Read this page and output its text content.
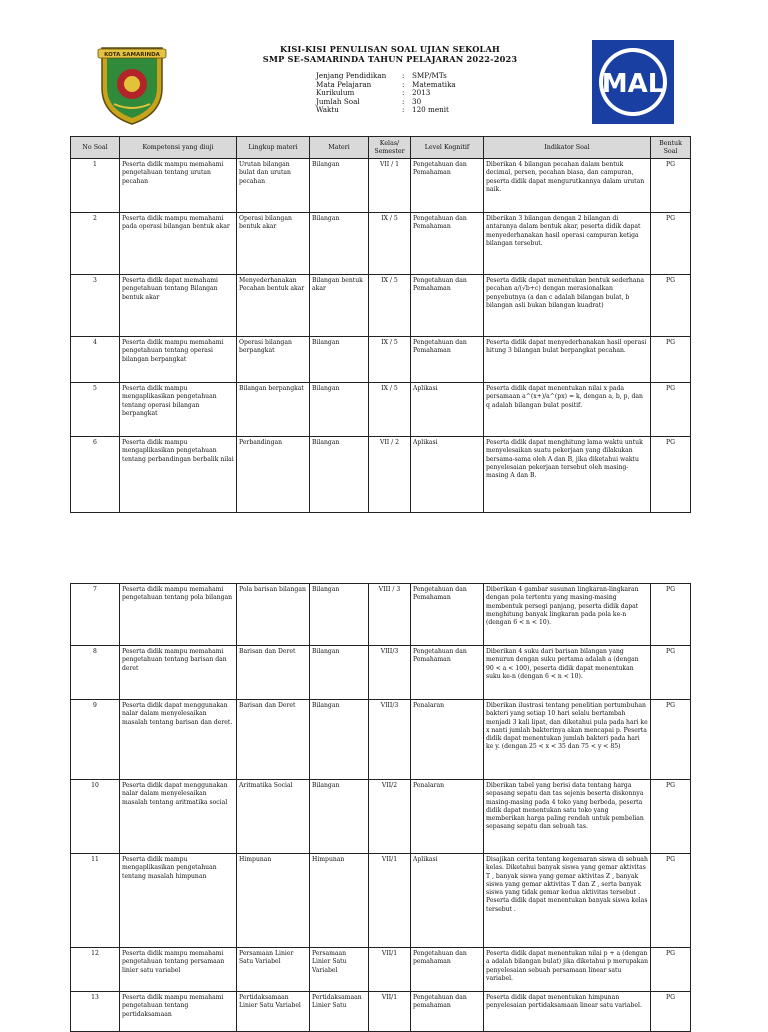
KOTA SAMARINDA
KISI-KISI PENULISAN SOAL UJIAN SEKOLAH
SMP SE-SAMARINDA TAHUN PELAJARAN 2022-2023
Jenjang Pendidikan	:	SMP/MTs
Mata Pelajaran	:	Matematika
Kurikulum	:	2013
Jumlah Soal	:	30
Waktu	:	120 menit
MAL
No Soal	Kompetensi yang diuji	Lingkup materi	Materi	Kelas/ Semester	Level Kognitif	Indikator Soal	Bentuk Soal
1	Peserta didik mampu memahami pengetahuan tentang urutan pecahan	Urutan bilangan bulat dan urutan pecahan	Bilangan	VII / 1	Pengetahuan dan Pemahaman	Diberikan 4 bilangan pecahan dalam bentuk decimal, persen, pecahan biasa, dan campuran, peserta didik dapat mengurutkannya dalam urutan naik.	PG
2	Peserta didik mampu memahami pada operasi bilangan bentuk akar	Operasi bilangan bentuk akar	Bilangan	IX / 5	Pengetahuan dan Pemahaman	Diberikan 3 bilangan dengan 2 bilangan di antaranya dalam bentuk akar, peserta didik dapat menyederhanakan hasil operasi campuran ketiga bilangan tersebut.	PG
3	Peserta didik dapat memahami pengetahuan tentang Bilangan bentuk akar	Menyederhanakan Pecahan bentuk akar	Bilangan bentuk akar	IX / 5	Pengetahuan dan Pemahaman	Peserta didik dapat menentukan bentuk sederhana pecahan a/(√b+c) dengan merasionalkan penyebutnya (a dan c adalah bilangan bulat, b bilangan asli bukan bilangan kuadrat)	PG
4	Peserta didik mampu memahami pengetahuan tentang operasi bilangan berpangkat	Operasi bilangan berpangkat	Bilangan	IX / 5	Pengetahuan dan Pemahaman	Peserta didik dapat menyederhanakan hasil operasi hitung 3 bilangan bulat berpangkat pecahan.	PG
5	Peserta didik mampu mengaplikasikan pengetahuan tentang operasi bilangan berpangkat	Bilangan berpangkat	Bilangan	IX / 5	Aplikasi	Peserta didik dapat menentukan nilai x pada persamaan a^(x+)/a^(px) = k, dengan a, b, p, dan q adalah bilangan bulat positif.	PG
6	Peserta didik mampu mengaplikasikan pengetahuan tentang perbandingan berbalik nilai	Perbandingan	Bilangan	VII / 2	Aplikasi	Peserta didik dapat menghitung lama waktu untuk menyelesaikan suatu pekerjaan yang dilakukan bersama-sama oleh A dan B, jika diketahui waktu penyelesaian pekerjaan tersebut oleh masing-masing A dan B.	PG
7	Peserta didik mampu memahami pengetahuan tentang pola bilangan	Pola barisan bilangan	Bilangan	VIII / 3	Pengetahuan dan Pemahaman	Diberikan 4 gambar susunan lingkaran-lingkaran dengan pola tertentu yang masing-masing membentuk persegi panjang, peserta didik dapat menghitung banyak lingkaran pada pola ke-n (dengan 6 < n < 10).	PG
8	Peserta didik mampu memahami pengetahuan tentang barisan dan deret	Barisan dan Deret	Bilangan	VIII/3	Pengetahuan dan Pemahaman	Diberikan 4 suku dari barisan bilangan yang menurun dengan suku pertama adalah a (dengan 90 < a < 100), peserta didik dapat menentukan suku ke-n (dengan 6 < n < 10).	PG
9	Peserta didik dapat menggunakan nalar dalam menyelesaikan masalah tentang barisan dan deret.	Barisan dan Deret	Bilangan	VIII/3	Penalaran	Diberikan ilustrasi tentang penelitian pertumbuhan bakteri yang setiap 10 hari selalu bertambah menjadi 3 kali lipat, dan diketahui pula pada hari ke x nanti jumlah bakterinya akan mencapai p. Peserta didik dapat menentukan jumlah bakteri pada hari ke y. (dengan 25 < x < 35 dan 75 < y < 85)	PG
10	Peserta didik dapat menggunakan nalar dalam menyelesaikan masalah tentang aritmatika social	Aritmatika Social	Bilangan	VII/2	Penalaran	Diberikan tabel yang berisi data tentang harga sepasang sepatu dan tas sejenis beserta diskonnya masing-masing pada 4 toko yang berbeda, peserta didik dapat menentukan satu toko yang memberikan harga paling rendah untuk pembelian sepasang sepatu dan sebuah tas.	PG
11	Peserta didik mampu mengaplikasikan pengetahuan tentang masalah himpunan	Himpunan	Himpunan	VII/1	Aplikasi	Disajikan cerita tentang kegemaran siswa di sebuah kelas. Diketahui banyak siswa yang gemar aktivitas T , banyak siswa yang gemar aktivitas Z , banyak siswa yang gemar aktivitas T dan Z , serta banyak siswa yang tidak gemar kedua aktivitas tersebut . Peserta didik dapat menentukan banyak siswa kelas tersebut .	PG
12	Peserta didik mampu memahami pengetahuan tentang persamaan linier satu variabel	Persamaan Linier Satu Variabel	Persamaan Linier Satu Variabel	VII/1	Pengetahuan dan pemahaman	Peserta didik dapat menentukan nilai p + a (dengan a adalah bilangan bulat) jika diketahui p merupakan penyelesaian sebuah persamaan linear satu variabel.	PG
13	Peserta didik mampu memahami pengetahuan tentang pertidaksamaan	Pertidaksamaan Linier Satu Variabel	Pertidaksamaan Linier Satu	VII/1	Pengetahuan dan pemahaman	Peserta didik dapat menentukan himpunan penyelesaian pertidaksamaan linear satu variabel.	PG
